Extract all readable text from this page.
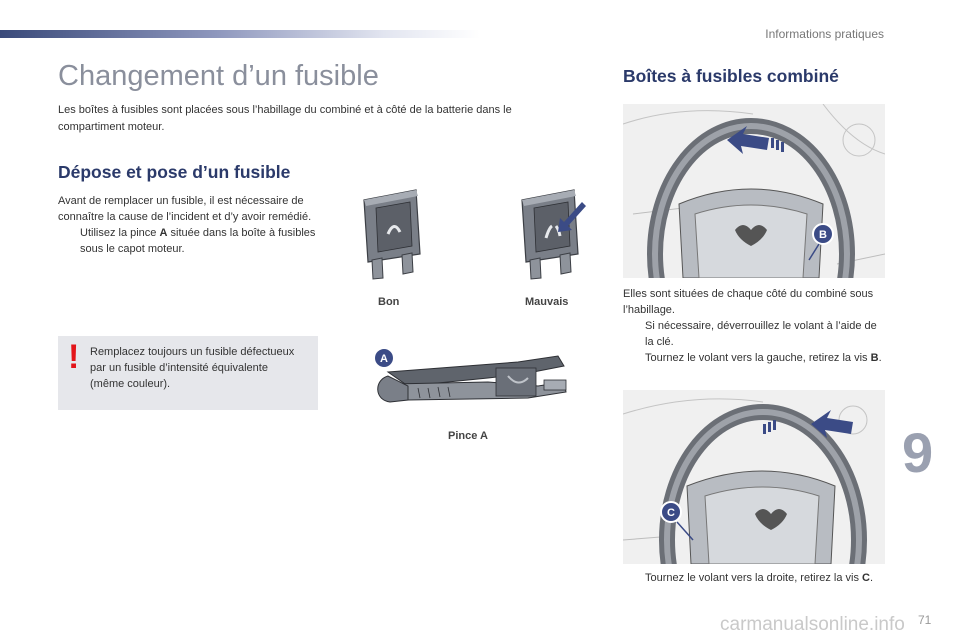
Informations pratiques
Changement d’un fusible

Les boîtes à fusibles sont placées sous l’habillage du combiné et à côté de la batterie dans le compartiment moteur.

Dépose et pose d’un fusible
Avant de remplacer un fusible, il est nécessaire de connaître la cause de l’incident et d’y avoir remédié.
Utilisez la pince A située dans la boîte à fusibles sous le capot moteur.
! Remplacez toujours un fusible défectueux par un fusible d’intensité équivalente (même couleur).
Bon	Mauvais
A
Pince A
Boîtes à fusibles combiné
B
Elles sont situées de chaque côté du combiné sous l’habillage.
Si nécessaire, déverrouillez le volant à l’aide de la clé.
Tournez le volant vers la gauche, retirez la vis B.
C
Tournez le volant vers la droite, retirez la vis C.
9
carmanualsonline.info 71
